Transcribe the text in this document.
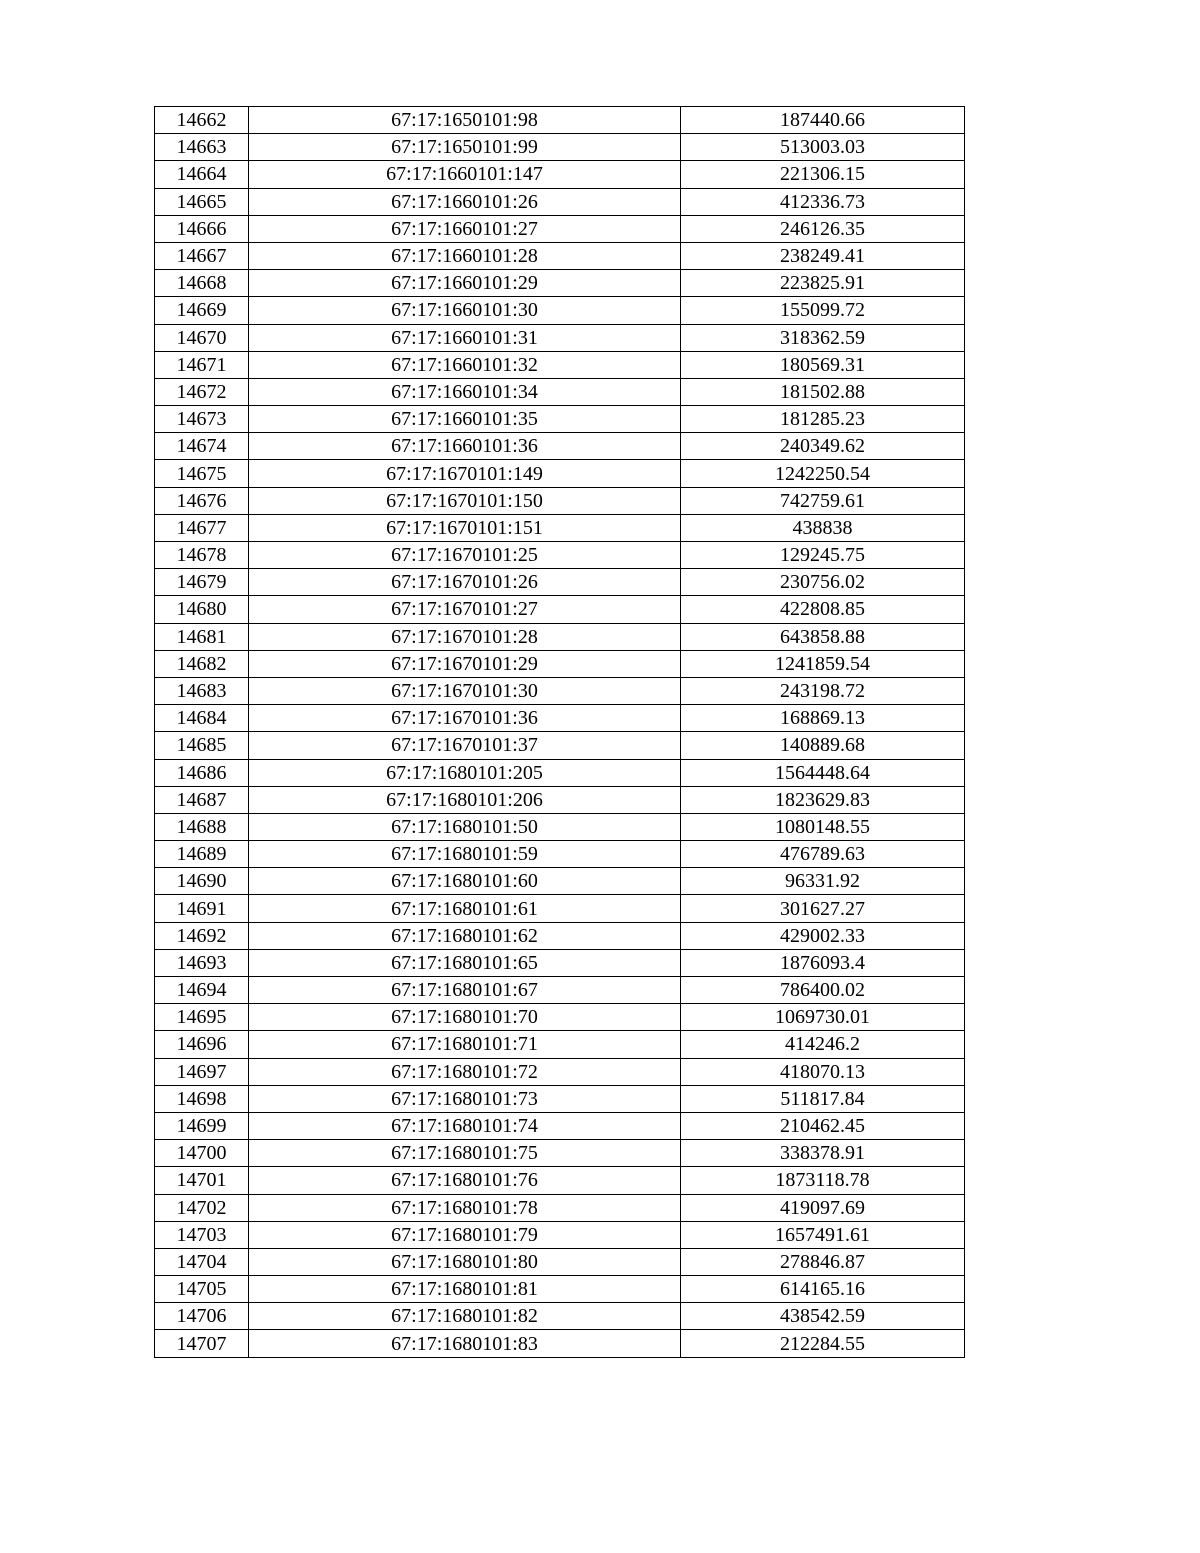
14662	67:17:1650101:98	187440.66
14663	67:17:1650101:99	513003.03
14664	67:17:1660101:147	221306.15
14665	67:17:1660101:26	412336.73
14666	67:17:1660101:27	246126.35
14667	67:17:1660101:28	238249.41
14668	67:17:1660101:29	223825.91
14669	67:17:1660101:30	155099.72
14670	67:17:1660101:31	318362.59
14671	67:17:1660101:32	180569.31
14672	67:17:1660101:34	181502.88
14673	67:17:1660101:35	181285.23
14674	67:17:1660101:36	240349.62
14675	67:17:1670101:149	1242250.54
14676	67:17:1670101:150	742759.61
14677	67:17:1670101:151	438838
14678	67:17:1670101:25	129245.75
14679	67:17:1670101:26	230756.02
14680	67:17:1670101:27	422808.85
14681	67:17:1670101:28	643858.88
14682	67:17:1670101:29	1241859.54
14683	67:17:1670101:30	243198.72
14684	67:17:1670101:36	168869.13
14685	67:17:1670101:37	140889.68
14686	67:17:1680101:205	1564448.64
14687	67:17:1680101:206	1823629.83
14688	67:17:1680101:50	1080148.55
14689	67:17:1680101:59	476789.63
14690	67:17:1680101:60	96331.92
14691	67:17:1680101:61	301627.27
14692	67:17:1680101:62	429002.33
14693	67:17:1680101:65	1876093.4
14694	67:17:1680101:67	786400.02
14695	67:17:1680101:70	1069730.01
14696	67:17:1680101:71	414246.2
14697	67:17:1680101:72	418070.13
14698	67:17:1680101:73	511817.84
14699	67:17:1680101:74	210462.45
14700	67:17:1680101:75	338378.91
14701	67:17:1680101:76	1873118.78
14702	67:17:1680101:78	419097.69
14703	67:17:1680101:79	1657491.61
14704	67:17:1680101:80	278846.87
14705	67:17:1680101:81	614165.16
14706	67:17:1680101:82	438542.59
14707	67:17:1680101:83	212284.55
